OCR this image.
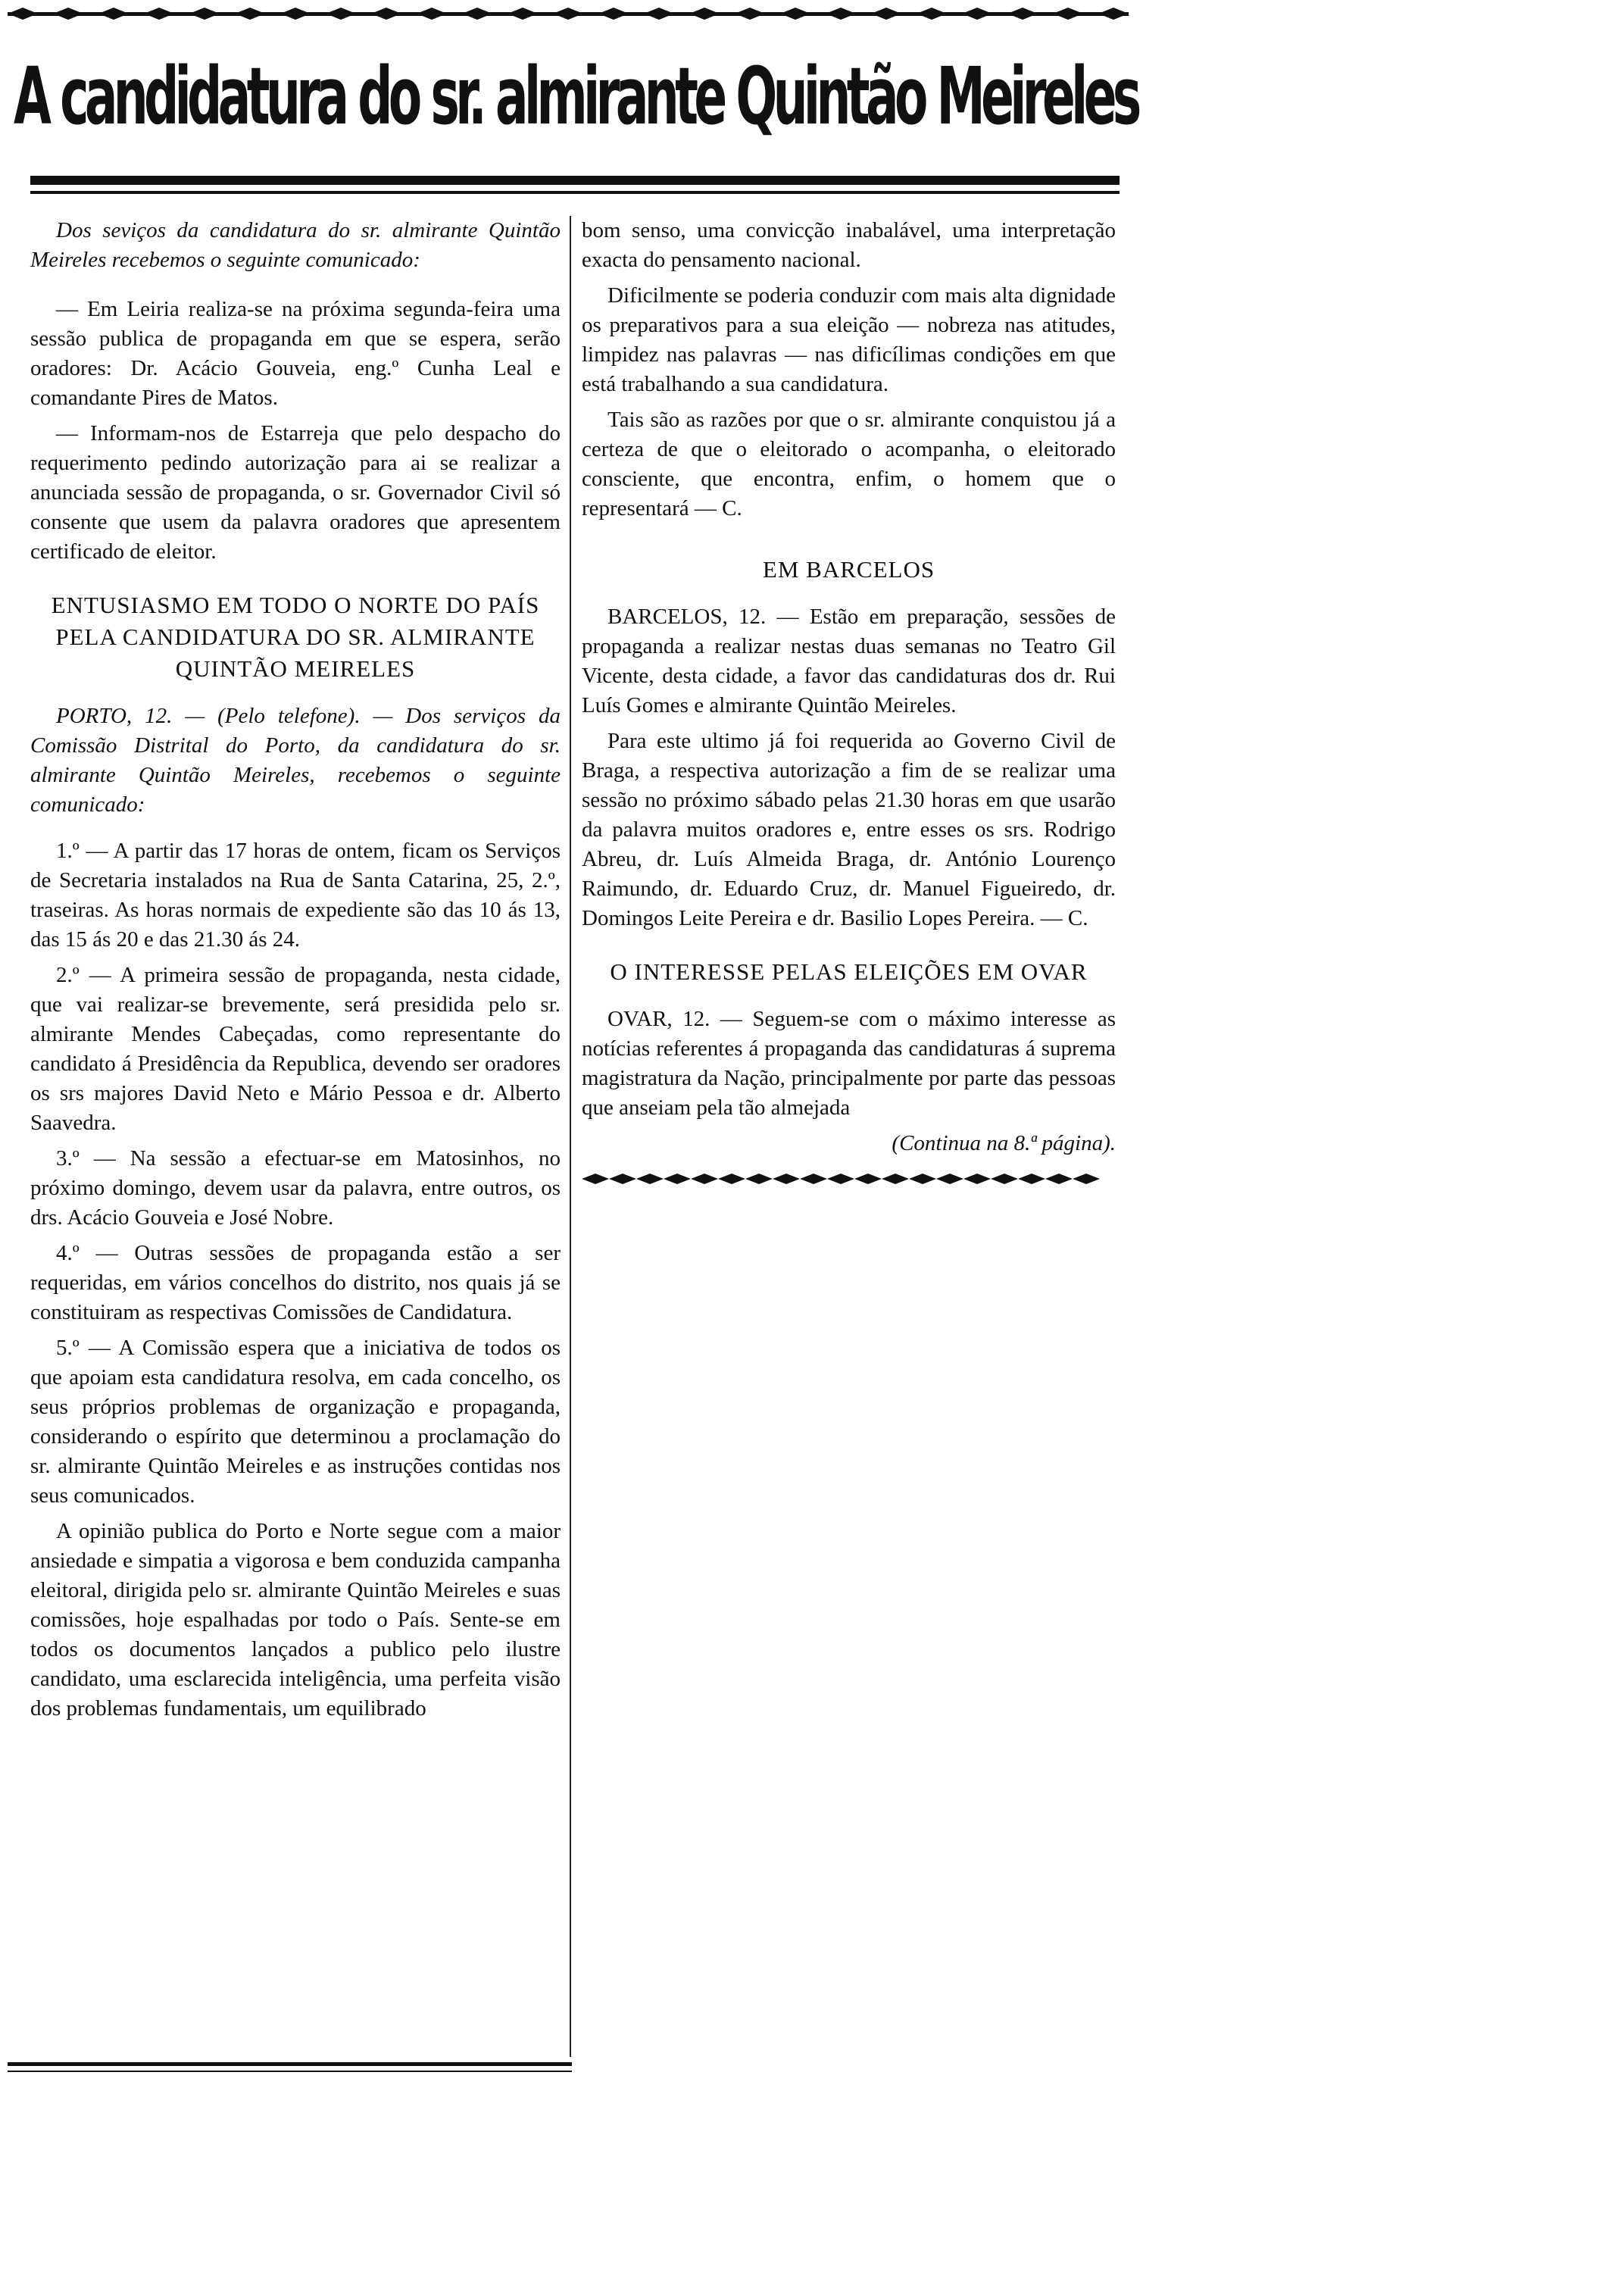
A candidatura do sr. almirante Quintão Meireles

Dos seviços da candidatura do sr. almirante Quintão Meireles recebemos o seguinte comunicado:

— Em Leiria realiza-se na próxima segunda-feira uma sessão publica de propaganda em que se espera, serão oradores: Dr. Acácio Gouveia, eng.º Cunha Leal e comandante Pires de Matos.

— Informam-nos de Estarreja que pelo despacho do requerimento pedindo autorização para ai se realizar a anunciada sessão de propaganda, o sr. Governador Civil só consente que usem da palavra oradores que apresentem certificado de eleitor.

ENTUSIASMO EM TODO O NORTE DO PAÍS PELA CANDIDATURA DO SR. ALMIRANTE QUINTÃO MEIRELES

PORTO, 12. — (Pelo telefone). — Dos serviços da Comissão Distrital do Porto, da candidatura do sr. almirante Quintão Meireles, recebemos o seguinte comunicado:

1.º — A partir das 17 horas de ontem, ficam os Serviços de Secretaria instalados na Rua de Santa Catarina, 25, 2.º, traseiras. As horas normais de expediente são das 10 ás 13, das 15 ás 20 e das 21.30 ás 24.

2.º — A primeira sessão de propaganda, nesta cidade, que vai realizar-se brevemente, será presidida pelo sr. almirante Mendes Cabeçadas, como representante do candidato á Presidência da Republica, devendo ser oradores os srs majores David Neto e Mário Pessoa e dr. Alberto Saavedra.

3.º — Na sessão a efectuar-se em Matosinhos, no próximo domingo, devem usar da palavra, entre outros, os drs. Acácio Gouveia e José Nobre.

4.º — Outras sessões de propaganda estão a ser requeridas, em vários concelhos do distrito, nos quais já se constituiram as respectivas Comissões de Candidatura.

5.º — A Comissão espera que a iniciativa de todos os que apoiam esta candidatura resolva, em cada concelho, os seus próprios problemas de organização e propaganda, considerando o espírito que determinou a proclamação do sr. almirante Quintão Meireles e as instruções contidas nos seus comunicados.

A opinião publica do Porto e Norte segue com a maior ansiedade e simpatia a vigorosa e bem conduzida campanha eleitoral, dirigida pelo sr. almirante Quintão Meireles e suas comissões, hoje espalhadas por todo o País. Sente-se em todos os documentos lançados a publico pelo ilustre candidato, uma esclarecida inteligência, uma perfeita visão dos problemas fundamentais, um equilibrado

bom senso, uma convicção inabalável, uma interpretação exacta do pensamento nacional.

Dificilmente se poderia conduzir com mais alta dignidade os preparativos para a sua eleição — nobreza nas atitudes, limpidez nas palavras — nas dificílimas condições em que está trabalhando a sua candidatura.

Tais são as razões por que o sr. almirante conquistou já a certeza de que o eleitorado o acompanha, o eleitorado consciente, que encontra, enfim, o homem que o representará — C.

EM BARCELOS

BARCELOS, 12. — Estão em preparação, sessões de propaganda a realizar nestas duas semanas no Teatro Gil Vicente, desta cidade, a favor das candidaturas dos dr. Rui Luís Gomes e almirante Quintão Meireles.

Para este ultimo já foi requerida ao Governo Civil de Braga, a respectiva autorização a fim de se realizar uma sessão no próximo sábado pelas 21.30 horas em que usarão da palavra muitos oradores e, entre esses os srs. Rodrigo Abreu, dr. Luís Almeida Braga, dr. António Lourenço Raimundo, dr. Eduardo Cruz, dr. Manuel Figueiredo, dr. Domingos Leite Pereira e dr. Basilio Lopes Pereira. — C.

O INTERESSE PELAS ELEIÇÕES EM OVAR

OVAR, 12. — Seguem-se com o máximo interesse as notícias referentes á propaganda das candidaturas á suprema magistratura da Nação, principalmente por parte das pessoas que anseiam pela tão almejada

(Continua na 8.ª página).
